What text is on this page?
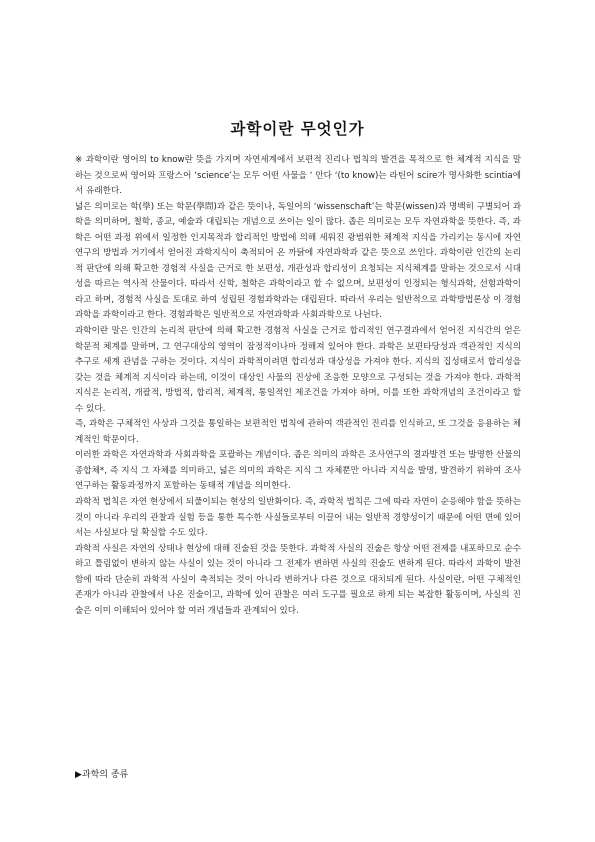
과학이란 무엇인가

※ 과학이란 영어의 to know란 뜻을 가지며 자연세계에서 보편적 진리나 법칙의 발견을 목적으로 한 체계적 지식을 말하는 것으로써 영어와 프랑스어 ‘science’는 모두 어떤 사물을 ‘ 안다 ‘(to know)는 라틴어 scire가 명사화한 scintia에서 유래한다.

넓은 의미로는 학(學) 또는 학문(學問)과 같은 뜻이나, 독일어의 ‘wissenschaft’는 학문(wissen)과 명백히 구별되어 과학을 의미하며, 철학, 종교, 예술과 대립되는 개념으로 쓰이는 일이 많다. 좁은 의미로는 모두 자연과학을 뜻한다. 즉, 과학은 어떤 과정 위에서 일정한 인지목적과 합리적인 방법에 의해 세워진 광범위한 체계적 지식을 가리키는 동시에 자연연구의 방법과 거기에서 얻어진 과학지식이 축적되어 온 까닭에 자연과학과 같은 뜻으로 쓰인다. 과학이란 인간의 논리적 판단에 의해 확고한 경험적 사실을 근거로 한 보편성, 개관성과 합리성이 요청되는 지식체계를 말하는 것으로서 시대성을 따르는 역사적 산물이다. 따라서 신학, 철학은 과학이라고 할 수 없으며, 보편성이 인정되는 형식과학, 선험과학이라고 하며, 경험적 사실을 토대로 하여 성립된 경험과학과는 대립된다. 따라서 우리는 일반적으로 과학방법론상 이 경험과학을 과학이라고 한다. 경험과학은 일반적으로 자연과학과 사회과학으로 나뉜다.

과학이란 말은 인간의 논리적 판단에 의해 확고한 경험적 사실을 근거로 합리적인 연구결과에서 얻어진 지식간의 얻은 학문적 체계를 말하며, 그 연구대상의 영역이 잠정적이나마 정해져 있어야 한다. 과학은 보편타당성과 객관적인 지식의 추구로 세계 관념을 구하는 것이다. 지식이 과학적이려면 합리성과 대상성을 가져야 한다. 지식의 집성태로서 합리성을 갖는 것을 체계적 지식이라 하는데, 이것이 대상인 사물의 진상에 조응한 모양으로 구성되는 것을 가져야 한다. 과학적 지식은 논리적, 개괄적, 방법적, 합리적, 체계적, 통일적인 제조건을 가져야 하며, 이를 또한 과학개념의 조건이라고 할 수 있다.

즉, 과학은 구체적인 사상과 그것을 통일하는 보편적인 법칙에 관하여 객관적인 진리를 인식하고, 또 그것을 응용하는 체계적인 학문이다.

이러한 과학은 자연과학과 사회과학을 포괄하는 개념이다. 좁은 의미의 과학은 조사연구의 결과발견 또는 발명한 산물의 종합체*, 즉 지식 그 자체를 의미하고, 넓은 의미의 과학은 지식 그 자체뿐만 아니라 지식을 발명, 발견하기 위하여 조사 연구하는 활동과정까지 포함하는 동태적 개념을 의미한다.

과학적 법칙은 자연 현상에서 되풀이되는 현상의 일반화이다. 즉, 과학적 법칙은 그에 따라 자연이 순응해야 함을 뜻하는 것이 아니라 우리의 관찰과 실험 등을 통한 특수한 사실들로부터 이끌어 내는 일반적 경향성이기 때문에 어떤 면에 있어서는 사실보다 덜 확실할 수도 있다.

과학적 사실은 자연의 상태나 현상에 대해 진술된 것을 뜻한다. 과학적 사실의 진술은 항상 어떤 전제를 내포하므로 순수하고 틀림없이 변하지 않는 사실이 있는 것이 아니라 그 전제가 변하면 사실의 진술도 변하게 된다. 따라서 과학이 발전함에 따라 단순히 과학적 사실이 축적되는 것이 아니라 변하거나 다른 것으로 대치되게 된다. 사실이란, 어떤 구체적인 존재가 아니라 관찰에서 나온 진술이고, 과학에 있어 관찰은 여러 도구를 필요로 하게 되는 복잡한 활동이며, 사실의 진술은 이미 이해되어 있어야 할 여러 개념들과 관계되어 있다.

▶과학의 종류
